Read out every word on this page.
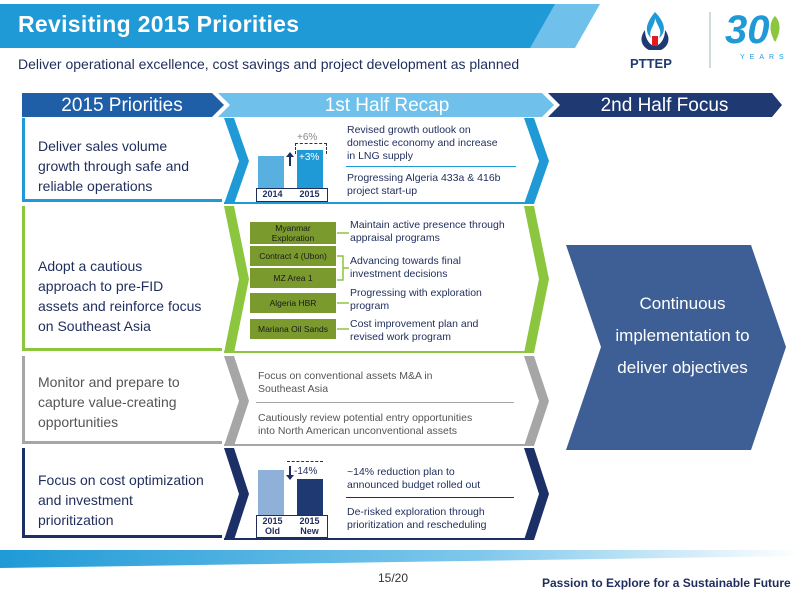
Revisiting 2015 Priorities
Deliver operational excellence, cost savings and project development as planned	PTTEP
30
YEARS
2015 Priorities	1st Half Recap	2nd Half Focus
Deliver sales volume
growth through safe and
reliable operations	2014	2015
+6%
+3%
Revised growth outlook on
domestic economy and increase
in LNG supply
Progressing Algeria 433a & 416b
project start-up
Adopt a cautious
approach to pre-FID
assets and reinforce focus
on Southeast Asia
Myanmar
Exploration
Contract 4 (Ubon)
MZ Area 1
Algeria HBR
Mariana Oil Sands
Maintain active presence through
appraisal programs
Advancing towards final
investment decisions
Progressing with exploration
program
Cost improvement plan and
revised work program
Monitor and prepare to
capture value-creating
opportunities
Focus on conventional assets M&A in
Southeast Asia
Cautiously review potential entry opportunities
into North American unconventional assets
Focus on cost optimization
and investment
prioritization	2015
Old
2015
New
-14%	~14% reduction plan to
announced budget rolled out
De-risked exploration through
prioritization and rescheduling
Continuous
implementation to
deliver objectives
15/20	Passion to Explore for a Sustainable Future
